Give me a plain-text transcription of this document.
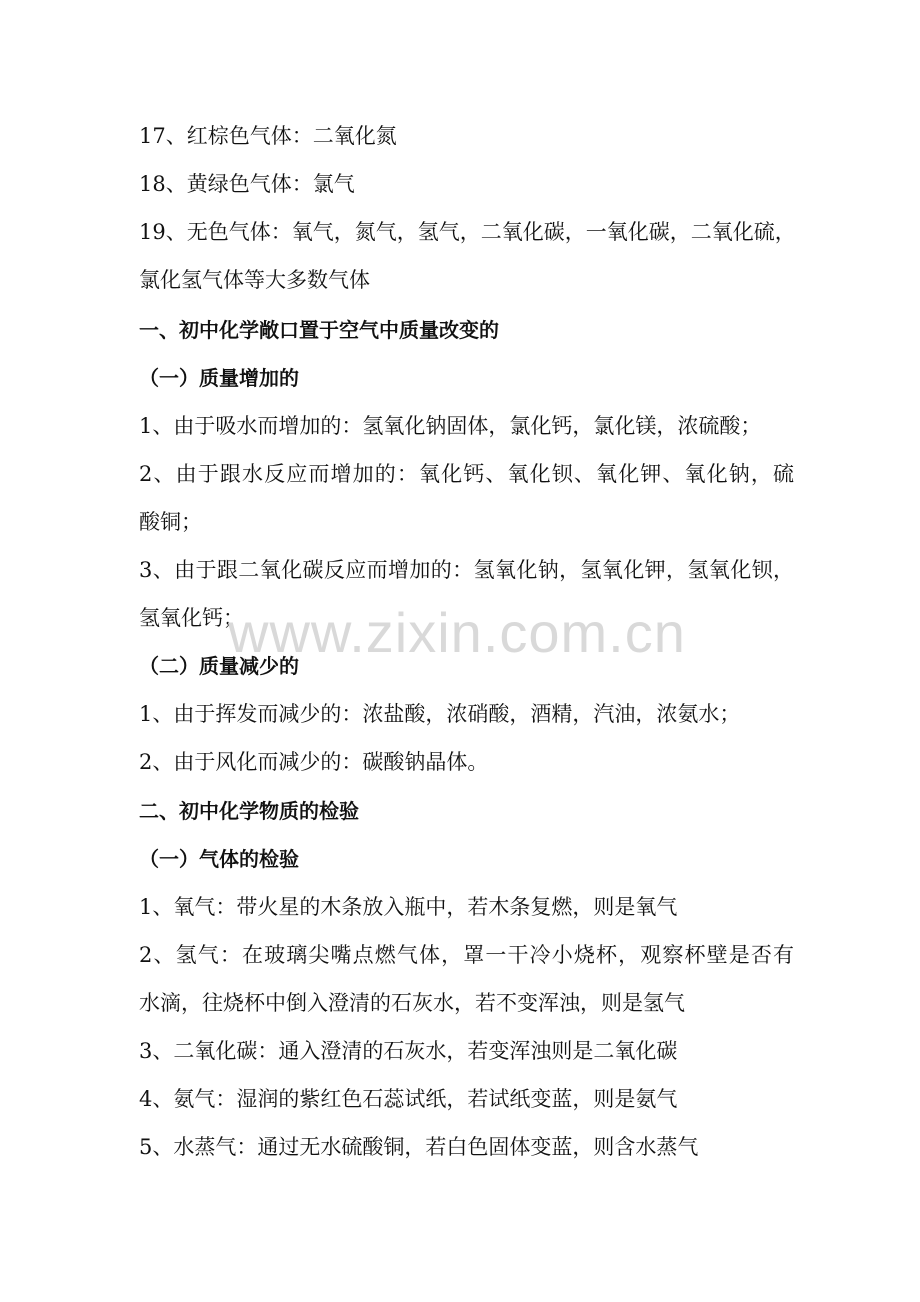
17、红棕色气体：二氧化氮
18、黄绿色气体：氯气
19、无色气体：氧气，氮气，氢气，二氧化碳，一氧化碳，二氧化硫，
氯化氢气体等大多数气体
一、初中化学敞口置于空气中质量改变的
（一）质量增加的
1、由于吸水而增加的：氢氧化钠固体，氯化钙，氯化镁，浓硫酸；
2、由于跟水反应而增加的：氧化钙、氧化钡、氧化钾、氧化钠，硫
酸铜；
3、由于跟二氧化碳反应而增加的：氢氧化钠，氢氧化钾，氢氧化钡，
氢氧化钙；
（二）质量减少的
1、由于挥发而减少的：浓盐酸，浓硝酸，酒精，汽油，浓氨水；
2、由于风化而减少的：碳酸钠晶体。
二、初中化学物质的检验
（一）气体的检验
1、氧气：带火星的木条放入瓶中，若木条复燃，则是氧气
2、氢气：在玻璃尖嘴点燃气体，罩一干冷小烧杯，观察杯壁是否有
水滴，往烧杯中倒入澄清的石灰水，若不变浑浊，则是氢气
3、二氧化碳：通入澄清的石灰水，若变浑浊则是二氧化碳
4、氨气：湿润的紫红色石蕊试纸，若试纸变蓝，则是氨气
5、水蒸气：通过无水硫酸铜，若白色固体变蓝，则含水蒸气
www.zixin.com.cn
